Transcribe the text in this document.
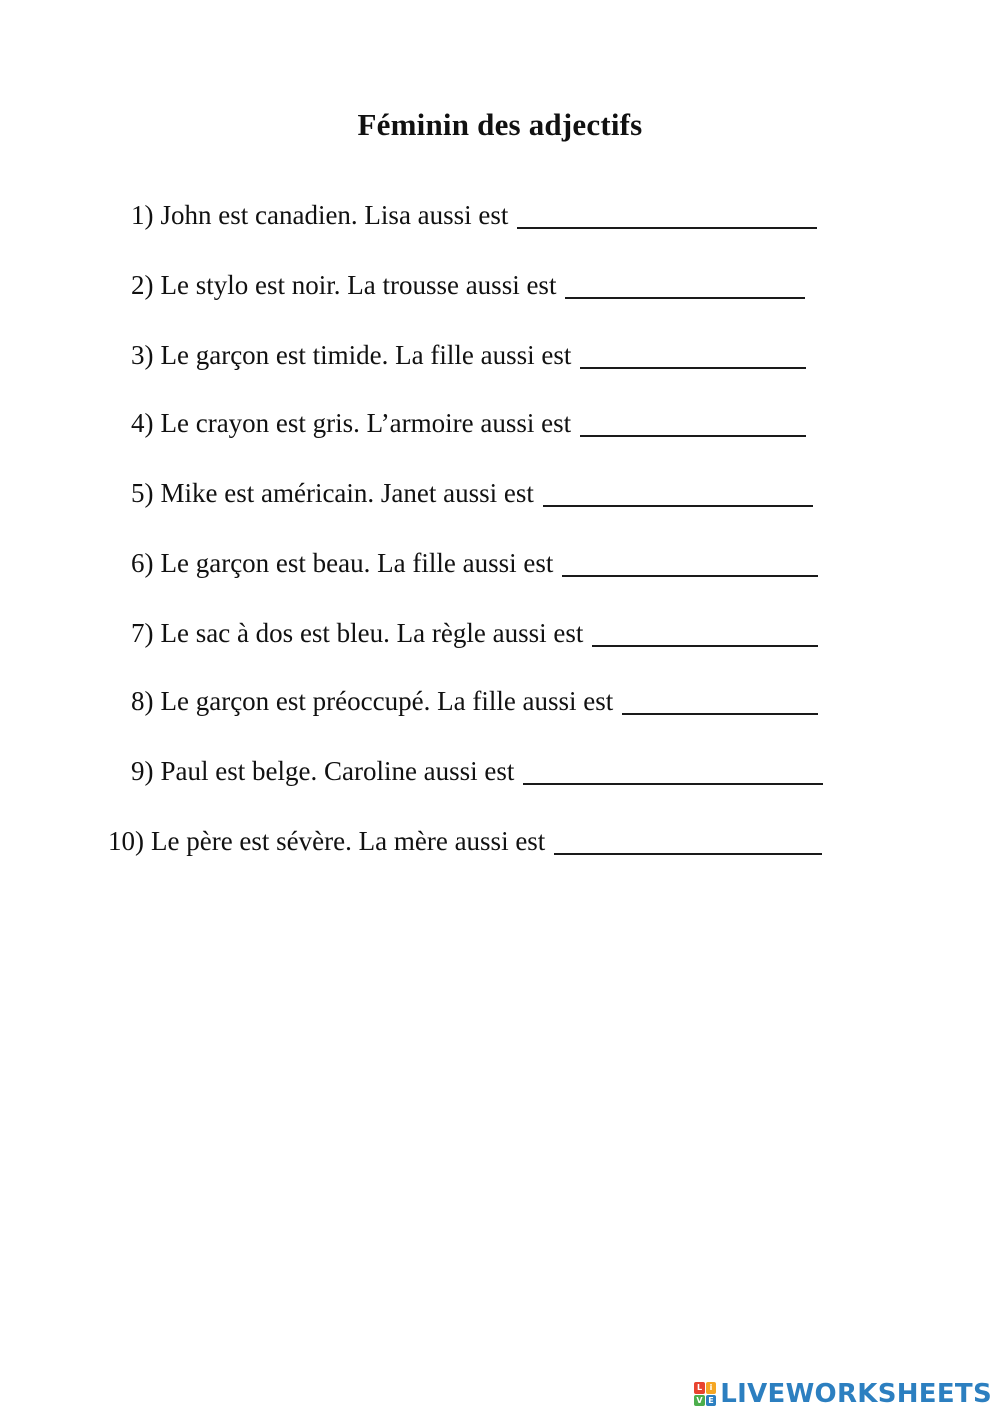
Féminin des adjectifs
1) John est canadien. Lisa aussi est
2) Le stylo est noir. La trousse aussi est
3) Le garçon est timide. La fille aussi est
4) Le crayon est gris. L’armoire aussi est
5) Mike est américain. Janet aussi est
6) Le garçon est beau. La fille aussi est
7) Le sac à dos est bleu. La règle aussi est
8) Le garçon est préoccupé. La fille aussi est
9) Paul est belge. Caroline aussi est
10) Le père est sévère. La mère aussi est
L i
V E LIVEWORKSHEETS
